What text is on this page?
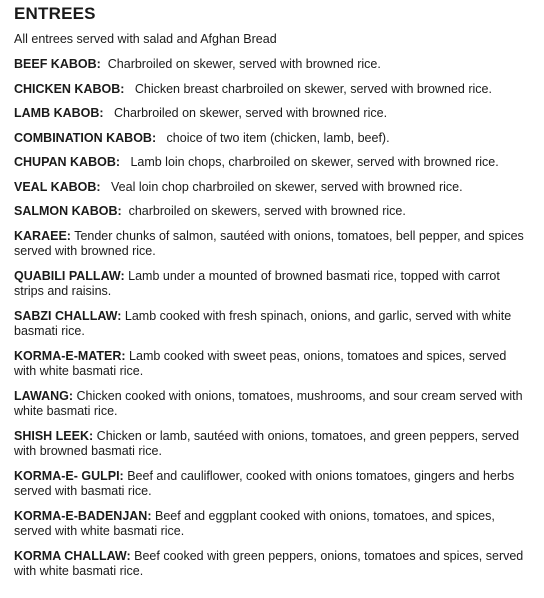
ENTREES
All entrees served with salad and Afghan Bread
BEEF KABOB: Charbroiled on skewer, served with browned rice.
CHICKEN KABOB: Chicken breast charbroiled on skewer, served with browned rice.
LAMB KABOB: Charbroiled on skewer, served with browned rice.
COMBINATION KABOB: choice of two item (chicken, lamb, beef).
CHUPAN KABOB: Lamb loin chops, charbroiled on skewer, served with browned rice.
VEAL KABOB: Veal loin chop charbroiled on skewer, served with browned rice.
SALMON KABOB: charbroiled on skewers, served with browned rice.
KARAEE: Tender chunks of salmon, sautéed with onions, tomatoes, bell pepper, and spices served with browned rice.
QUABILI PALLAW: Lamb under a mounted of browned basmati rice, topped with carrot strips and raisins.
SABZI CHALLAW: Lamb cooked with fresh spinach, onions, and garlic, served with white basmati rice.
KORMA-E-MATER: Lamb cooked with sweet peas, onions, tomatoes and spices, served with white basmati rice.
LAWANG: Chicken cooked with onions, tomatoes, mushrooms, and sour cream served with white basmati rice.
SHISH LEEK: Chicken or lamb, sautéed with onions, tomatoes, and green peppers, served with browned basmati rice.
KORMA-E- GULPI: Beef and cauliflower, cooked with onions tomatoes, gingers and herbs served with basmati rice.
KORMA-E-BADENJAN: Beef and eggplant cooked with onions, tomatoes, and spices, served with white basmati rice.
KORMA CHALLAW: Beef cooked with green peppers, onions, tomatoes and spices, served with white basmati rice.
